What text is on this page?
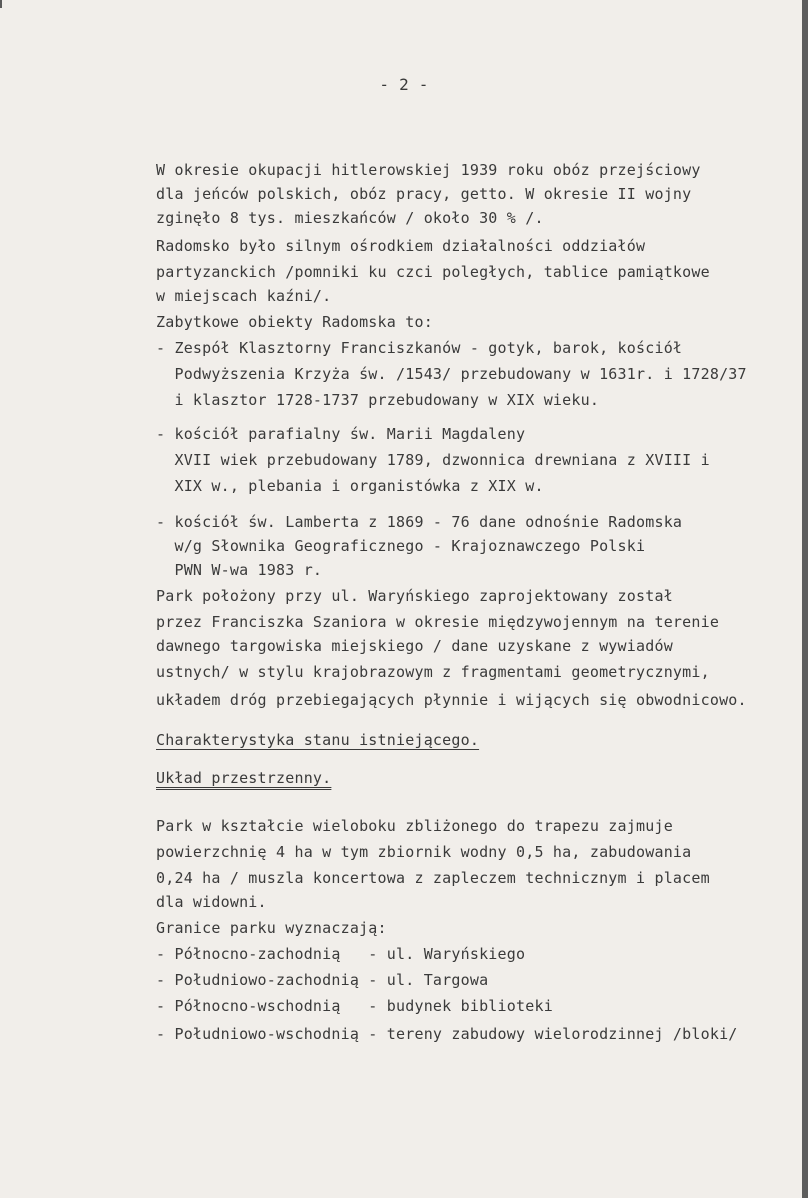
- 2 -
W okresie okupacji hitlerowskiej 1939 roku obóz przejściowy
dla jeńców polskich, obóz pracy, getto. W okresie II wojny
zginęło 8 tys. mieszkańców / około 30 % /.
Radomsko było silnym ośrodkiem działalności oddziałów
partyzanckich /pomniki ku czci poległych, tablice pamiątkowe
w miejscach kaźni/.
Zabytkowe obiekty Radomska to:
- Zespół Klasztorny Franciszkanów - gotyk, barok, kościół
Podwyższenia Krzyża św. /1543/ przebudowany w 1631r. i 1728/37
i klasztor 1728-1737 przebudowany w XIX wieku.
- kościół parafialny św. Marii Magdaleny
XVII wiek przebudowany 1789, dzwonnica drewniana z XVIII i
XIX w., plebania i organistówka z XIX w.
- kościół św. Lamberta z 1869 - 76 dane odnośnie Radomska
w/g Słownika Geograficznego - Krajoznawczego Polski
PWN W-wa 1983 r.
Park położony przy ul. Waryńskiego zaprojektowany został
przez Franciszka Szaniora w okresie międzywojennym na terenie
dawnego targowiska miejskiego / dane uzyskane z wywiadów
ustnych/ w stylu krajobrazowym z fragmentami geometrycznymi,
układem dróg przebiegających płynnie i wijących się obwodnicowo.
Charakterystyka stanu istniejącego.
Układ przestrzenny.
Park w kształcie wieloboku zbliżonego do trapezu zajmuje
powierzchnię 4 ha w tym zbiornik wodny 0,5 ha, zabudowania
0,24 ha / muszla koncertowa z zapleczem technicznym i placem
dla widowni.
Granice parku wyznaczają:
- Północno-zachodnią   - ul. Waryńskiego
- Południowo-zachodnią - ul. Targowa
- Północno-wschodnią   - budynek biblioteki
- Południowo-wschodnią - tereny zabudowy wielorodzinnej /bloki/
